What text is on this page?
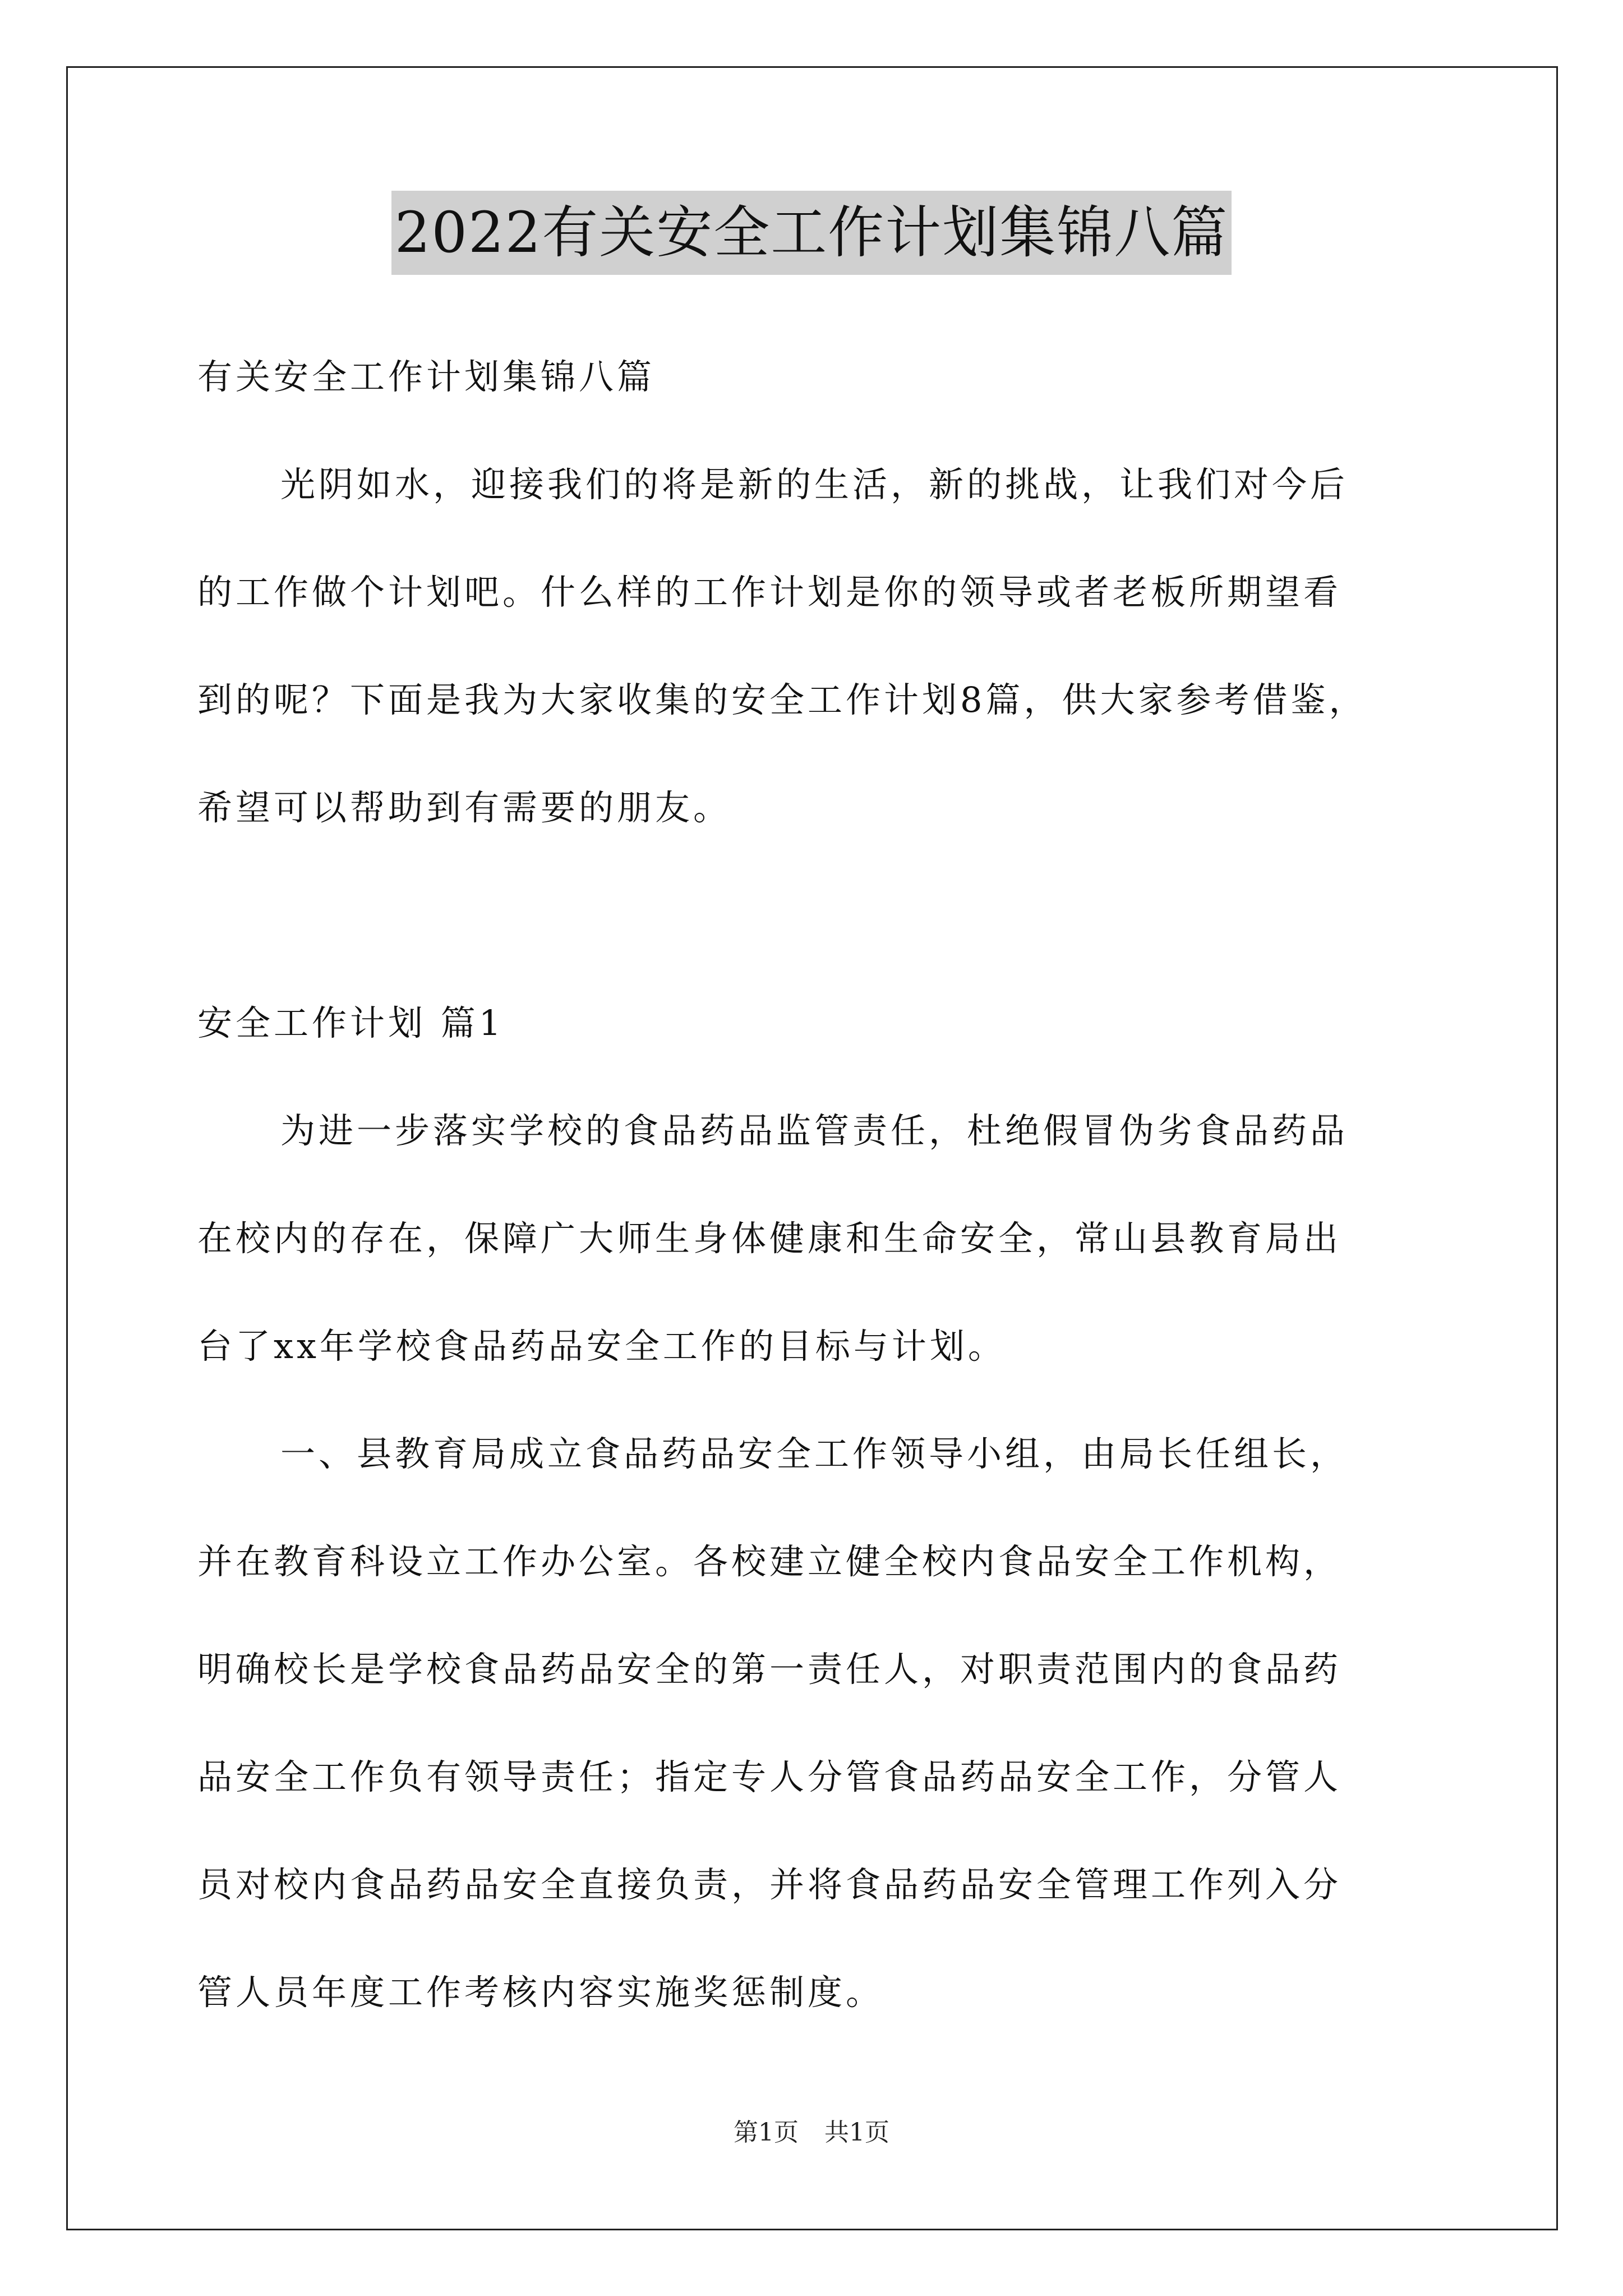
2022有关安全工作计划集锦八篇
有关安全工作计划集锦八篇
光阴如水，迎接我们的将是新的生活，新的挑战，让我们对今后
的工作做个计划吧。什么样的工作计划是你的领导或者老板所期望看
到的呢？下面是我为大家收集的安全工作计划8篇，供大家参考借鉴，
希望可以帮助到有需要的朋友。
安全工作计划 篇1
为进一步落实学校的食品药品监管责任，杜绝假冒伪劣食品药品
在校内的存在，保障广大师生身体健康和生命安全，常山县教育局出
台了xx年学校食品药品安全工作的目标与计划。
一、县教育局成立食品药品安全工作领导小组，由局长任组长，
并在教育科设立工作办公室。各校建立健全校内食品安全工作机构，
明确校长是学校食品药品安全的第一责任人，对职责范围内的食品药
品安全工作负有领导责任；指定专人分管食品药品安全工作，分管人
员对校内食品药品安全直接负责，并将食品药品安全管理工作列入分
管人员年度工作考核内容实施奖惩制度。
第1页 共1页
